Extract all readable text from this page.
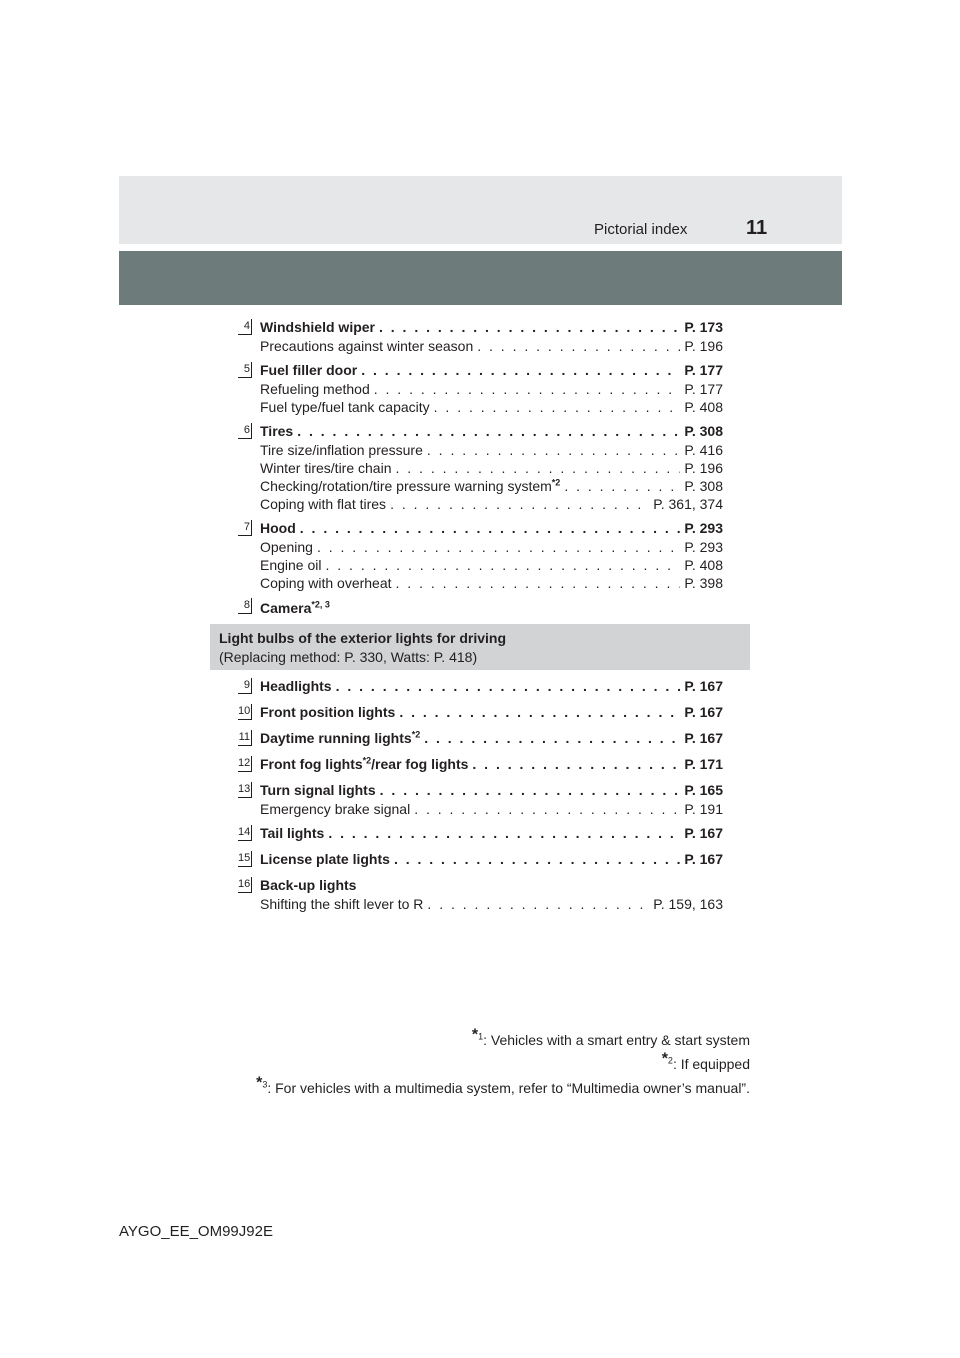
Pictorial index	11
4 Windshield wiper . . .	P. 173
Precautions against winter season . . .	P. 196
5 Fuel filler door . . .	P. 177
Refueling method . . .	P. 177
Fuel type/fuel tank capacity . . .	P. 408
6 Tires . . .	P. 308
Tire size/inflation pressure . . .	P. 416
Winter tires/tire chain . . .	P. 196
Checking/rotation/tire pressure warning system$^{*2}$ . . .	P. 308
Coping with flat tires . . .	P. 361, 374
7 Hood . . .	P. 293
Opening . . .	P. 293
Engine oil . . .	P. 408
Coping with overheat . . .	P. 398
8 Camera$^{*2, 3}$
Light bulbs of the exterior lights for driving
(Replacing method: P. 330, Watts: P. 418)
9 Headlights . . .	P. 167
10 Front position lights . . .	P. 167
11 Daytime running lights$^{*2}$ . . .	P. 167
12 Front fog lights$^{*2}$/rear fog lights . . .	P. 171
13 Turn signal lights . . .	P. 165
Emergency brake signal . . .	P. 191
14 Tail lights . . .	P. 167
15 License plate lights . . .	P. 167
16 Back-up lights
Shifting the shift lever to R . . .	P. 159, 163
*$^1$: Vehicles with a smart entry & start system
*$^2$: If equipped
*$^3$: For vehicles with a multimedia system, refer to “Multimedia owner’s manual”.
AYGO_EE_OM99J92E
